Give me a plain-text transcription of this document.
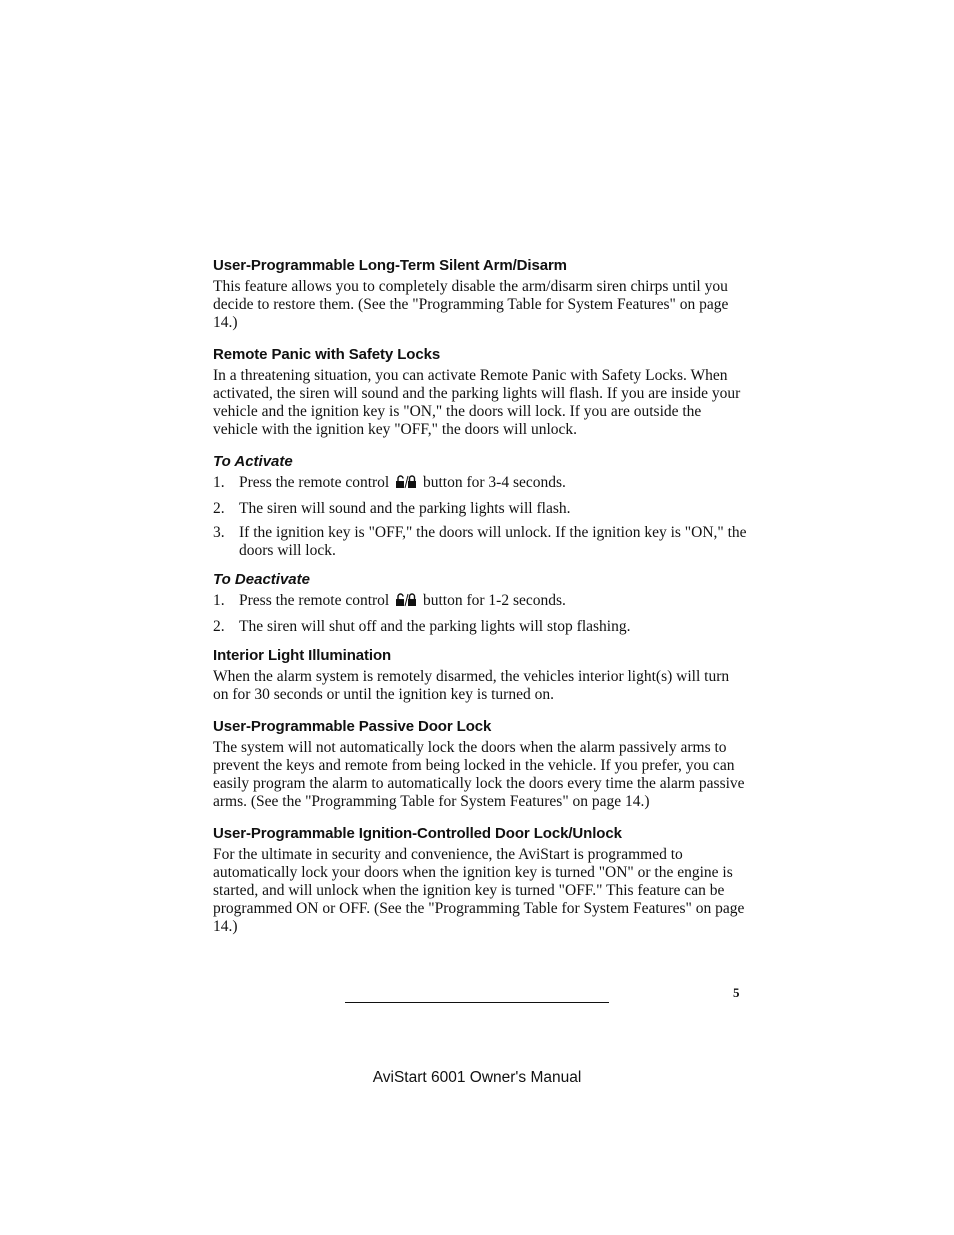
User-Programmable Long-Term Silent Arm/Disarm

This feature allows you to completely disable the arm/disarm siren chirps until you decide to restore them. (See the "Programming Table for System Features" on page 14.)

Remote Panic with Safety Locks

In a threatening situation, you can activate Remote Panic with Safety Locks. When activated, the siren will sound and the parking lights will flash. If you are inside your vehicle and the ignition key is "ON," the doors will lock. If you are outside the vehicle with the ignition key "OFF," the doors will unlock.

To Activate
1. Press the remote control button for 3-4 seconds.
2. The siren will sound and the parking lights will flash.
3. If the ignition key is "OFF," the doors will unlock. If the ignition key is "ON," the doors will lock.
To Deactivate
1. Press the remote control button for 1-2 seconds.
2. The siren will shut off and the parking lights will stop flashing.
Interior Light Illumination

When the alarm system is remotely disarmed, the vehicles interior light(s) will turn on for 30 seconds or until the ignition key is turned on.

User-Programmable Passive Door Lock

The system will not automatically lock the doors when the alarm passively arms to prevent the keys and remote from being locked in the vehicle. If you prefer, you can easily program the alarm to automatically lock the doors every time the alarm passive arms. (See the "Programming Table for System Features" on page 14.)

User-Programmable Ignition-Controlled Door Lock/Unlock

For the ultimate in security and convenience, the AviStart is programmed to automatically lock your doors when the ignition key is turned "ON" or the engine is started, and will unlock when the ignition key is turned "OFF." This feature can be programmed ON or OFF. (See the "Programming Table for System Features" on page 14.)

5
AviStart 6001 Owner's Manual
